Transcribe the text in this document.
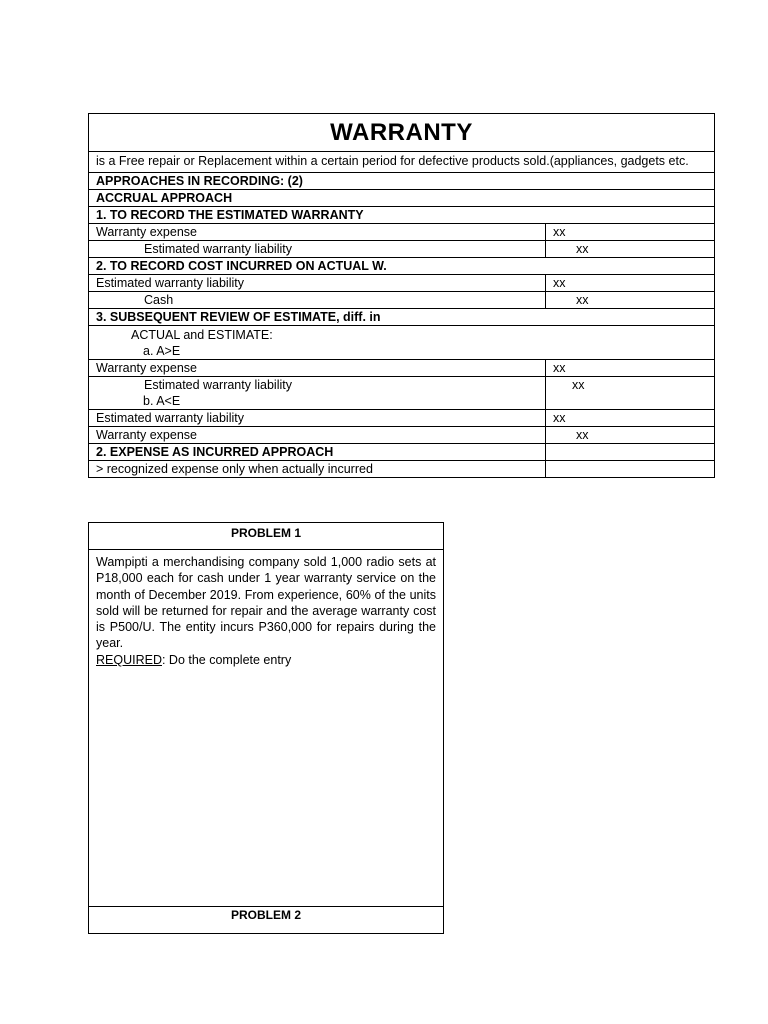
WARRANTY
is a Free repair or Replacement within a certain period for defective products sold.(appliances, gadgets etc.
APPROACHES IN RECORDING: (2)
ACCRUAL APPROACH
1. TO RECORD THE ESTIMATED WARRANTY
Warranty expense	xx
Estimated warranty liability	xx
2. TO RECORD COST INCURRED ON ACTUAL W.
Estimated warranty liability	xx
Cash	xx
3. SUBSEQUENT REVIEW OF ESTIMATE, diff. in
ACTUAL and ESTIMATE:
a. A>E
Warranty expense	xx
Estimated warranty liability	xx
b. A<E
Estimated warranty liability	xx
Warranty expense	xx
2. EXPENSE AS INCURRED APPROACH
> recognized expense only when actually incurred
PROBLEM 1
Wampipti a merchandising company sold 1,000 radio sets at P18,000 each for cash under 1 year warranty service on the month of December 2019. From experience, 60% of the units sold will be returned for repair and the average warranty cost is P500/U. The entity incurs P360,000 for repairs during the year.
REQUIRED: Do the complete entry
PROBLEM 2
